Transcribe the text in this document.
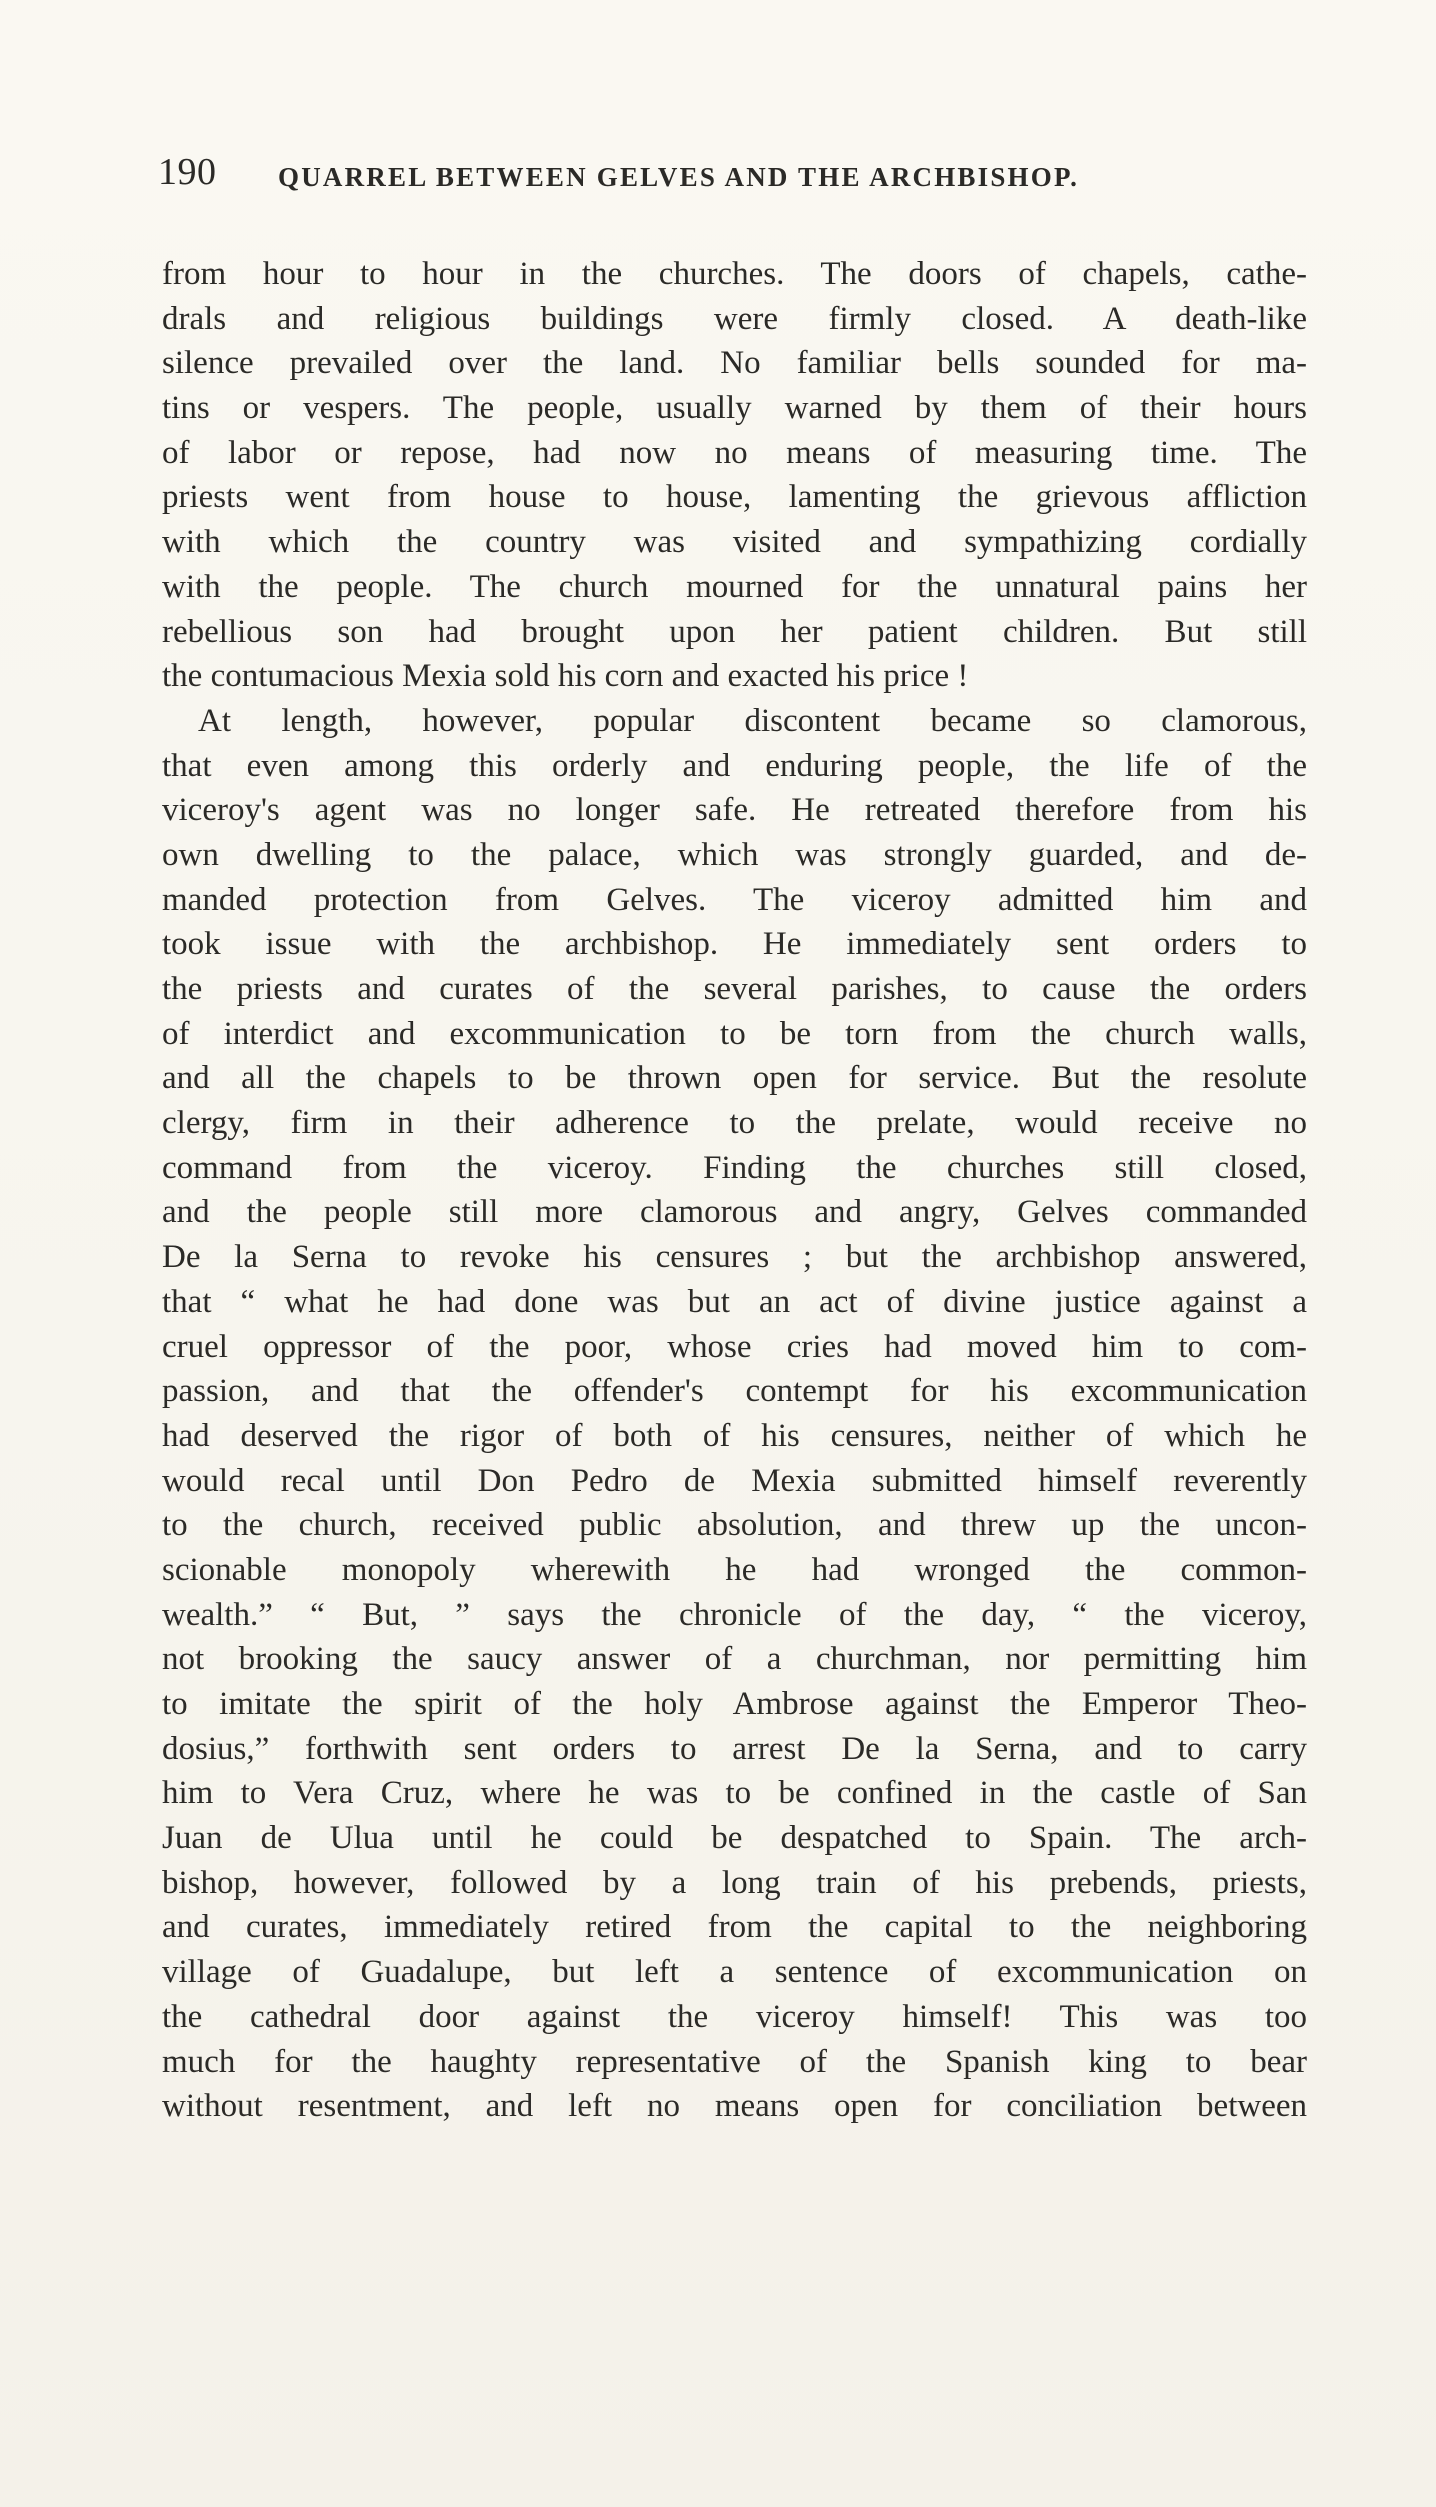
190 QUARREL BETWEEN GELVES AND THE ARCHBISHOP.
from hour to hour in the churches. The doors of chapels, cathe-
drals and religious buildings were firmly closed. A death-like
silence prevailed over the land. No familiar bells sounded for ma-
tins or vespers. The people, usually warned by them of their hours
of labor or repose, had now no means of measuring time. The
priests went from house to house, lamenting the grievous affliction
with which the country was visited and sympathizing cordially
with the people. The church mourned for the unnatural pains her
rebellious son had brought upon her patient children. But still
the contumacious Mexia sold his corn and exacted his price !
At length, however, popular discontent became so clamorous,
that even among this orderly and enduring people, the life of the
viceroy's agent was no longer safe. He retreated therefore from his
own dwelling to the palace, which was strongly guarded, and de-
manded protection from Gelves. The viceroy admitted him and
took issue with the archbishop. He immediately sent orders to
the priests and curates of the several parishes, to cause the orders
of interdict and excommunication to be torn from the church walls,
and all the chapels to be thrown open for service. But the resolute
clergy, firm in their adherence to the prelate, would receive no
command from the viceroy. Finding the churches still closed,
and the people still more clamorous and angry, Gelves commanded
De la Serna to revoke his censures ; but the archbishop answered,
that “ what he had done was but an act of divine justice against a
cruel oppressor of the poor, whose cries had moved him to com-
passion, and that the offender's contempt for his excommunication
had deserved the rigor of both of his censures, neither of which he
would recal until Don Pedro de Mexia submitted himself reverently
to the church, received public absolution, and threw up the uncon-
scionable monopoly wherewith he had wronged the common-
wealth.” “ But, ” says the chronicle of the day, “ the viceroy,
not brooking the saucy answer of a churchman, nor permitting him
to imitate the spirit of the holy Ambrose against the Emperor Theo-
dosius,” forthwith sent orders to arrest De la Serna, and to carry
him to Vera Cruz, where he was to be confined in the castle of San
Juan de Ulua until he could be despatched to Spain. The arch-
bishop, however, followed by a long train of his prebends, priests,
and curates, immediately retired from the capital to the neighboring
village of Guadalupe, but left a sentence of excommunication on
the cathedral door against the viceroy himself! This was too
much for the haughty representative of the Spanish king to bear
without resentment, and left no means open for conciliation between
